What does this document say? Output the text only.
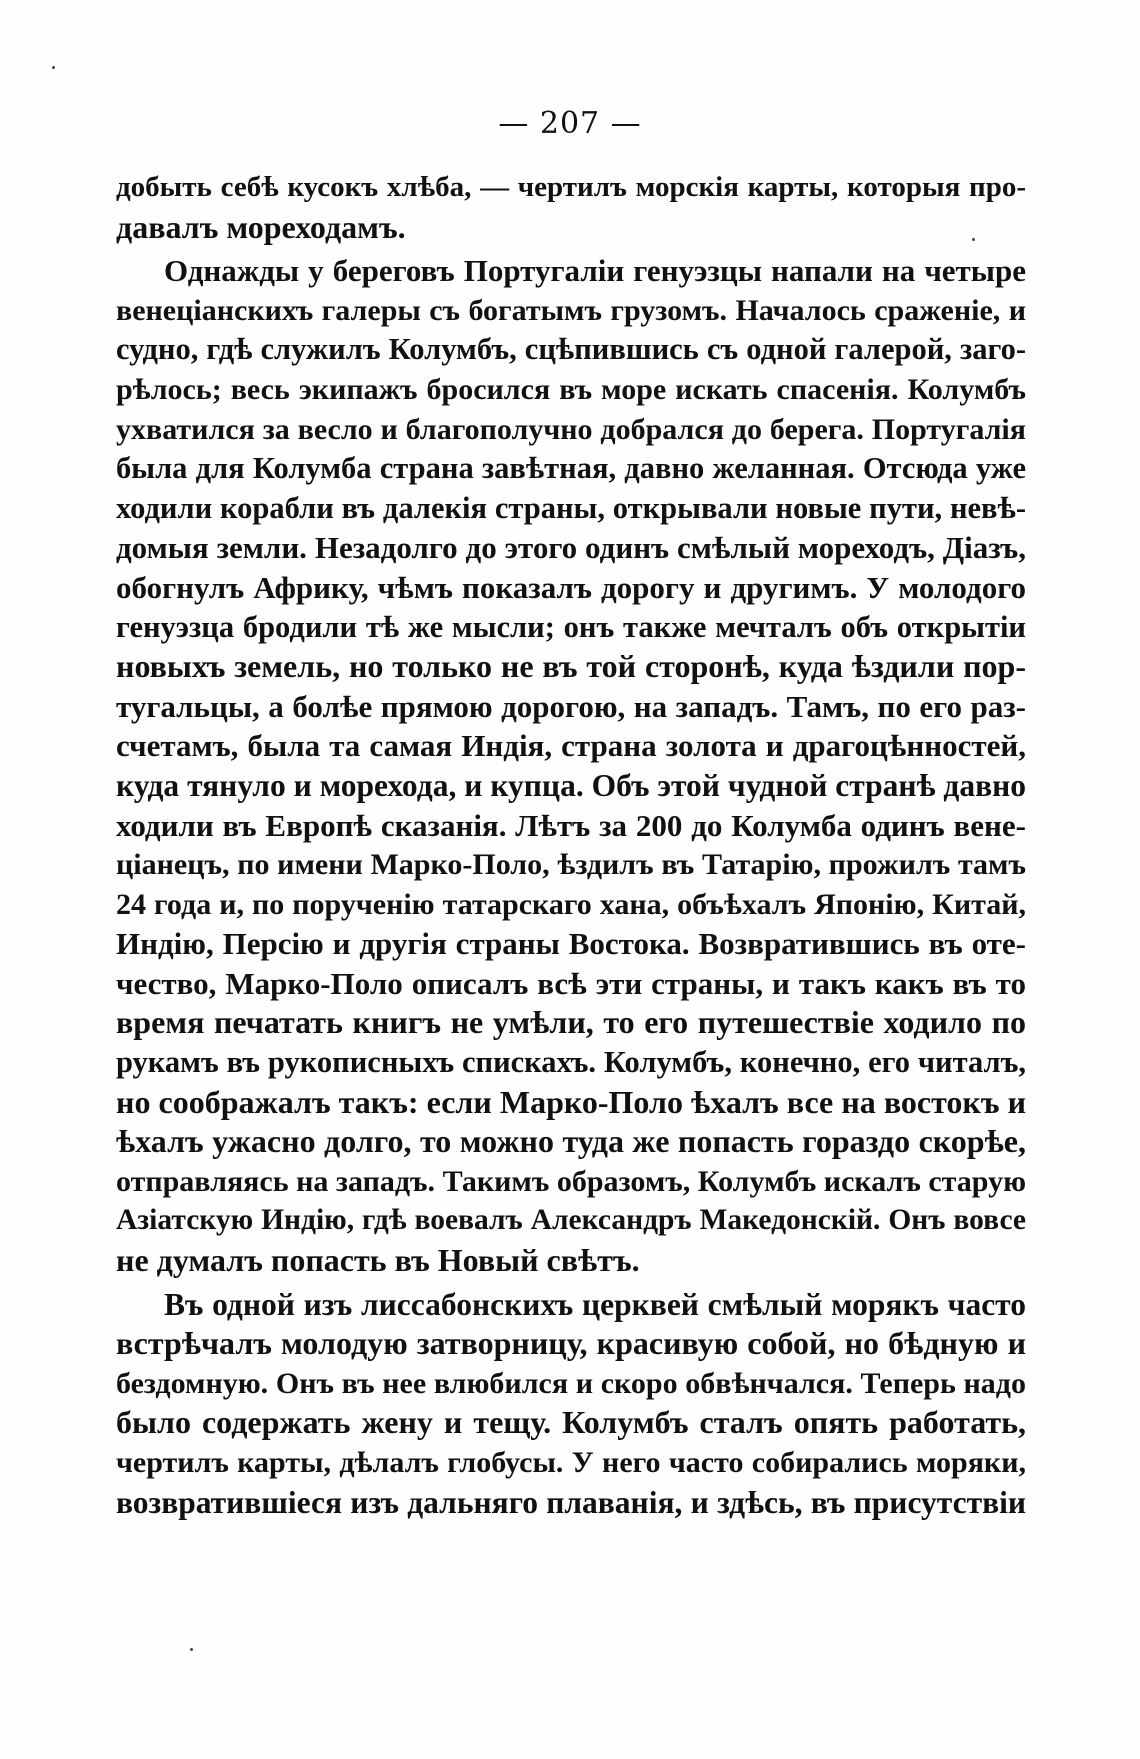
— 207 —
добыть себѣ кусокъ хлѣба, — чертилъ морскія карты, которыя про-
давалъ мореходамъ.
Однажды у береговъ Португаліи генуэзцы напали на четыре
венеціанскихъ галеры съ богатымъ грузомъ. Началось сраженіе, и
судно, гдѣ служилъ Колумбъ, сцѣпившись съ одной галерой, заго-
рѣлось; весь экипажъ бросился въ море искать спасенія. Колумбъ
ухватился за весло и благополучно добрался до берега. Португалія
была для Колумба страна завѣтная, давно желанная. Отсюда уже
ходили корабли въ далекія страны, открывали новые пути, невѣ-
домыя земли. Незадолго до этого одинъ смѣлый мореходъ, Діазъ,
обогнулъ Африку, чѣмъ показалъ дорогу и другимъ. У молодого
генуэзца бродили тѣ же мысли; онъ также мечталъ объ открытіи
новыхъ земель, но только не въ той сторонѣ, куда ѣздили пор-
тугальцы, а болѣе прямою дорогою, на западъ. Тамъ, по его раз-
счетамъ, была та самая Индія, страна золота и драгоцѣнностей,
куда тянуло и морехода, и купца. Объ этой чудной странѣ давно
ходили въ Европѣ сказанія. Лѣтъ за 200 до Колумба одинъ вене-
ціанецъ, по имени Марко-Поло, ѣздилъ въ Татарію, прожилъ тамъ
24 года и, по порученію татарскаго хана, объѣхалъ Японію, Китай,
Индію, Персію и другія страны Востока. Возвратившись въ оте-
чество, Марко-Поло описалъ всѣ эти страны, и такъ какъ въ то
время печатать книгъ не умѣли, то его путешествіе ходило по
рукамъ въ рукописныхъ спискахъ. Колумбъ, конечно, его читалъ,
но соображалъ такъ: если Марко-Поло ѣхалъ все на востокъ и
ѣхалъ ужасно долго, то можно туда же попасть гораздо скорѣе,
отправляясь на западъ. Такимъ образомъ, Колумбъ искалъ старую
Азіатскую Индію, гдѣ воевалъ Александръ Македонскій. Онъ вовсе
не думалъ попасть въ Новый свѣтъ.
Въ одной изъ лиссабонскихъ церквей смѣлый морякъ часто
встрѣчалъ молодую затворницу, красивую собой, но бѣдную и
бездомную. Онъ въ нее влюбился и скоро обвѣнчался. Теперь надо
было содержать жену и тещу. Колумбъ сталъ опять работать,
чертилъ карты, дѣлалъ глобусы. У него часто собирались моряки,
возвратившіеся изъ дальняго плаванія, и здѣсь, въ присутствіи
